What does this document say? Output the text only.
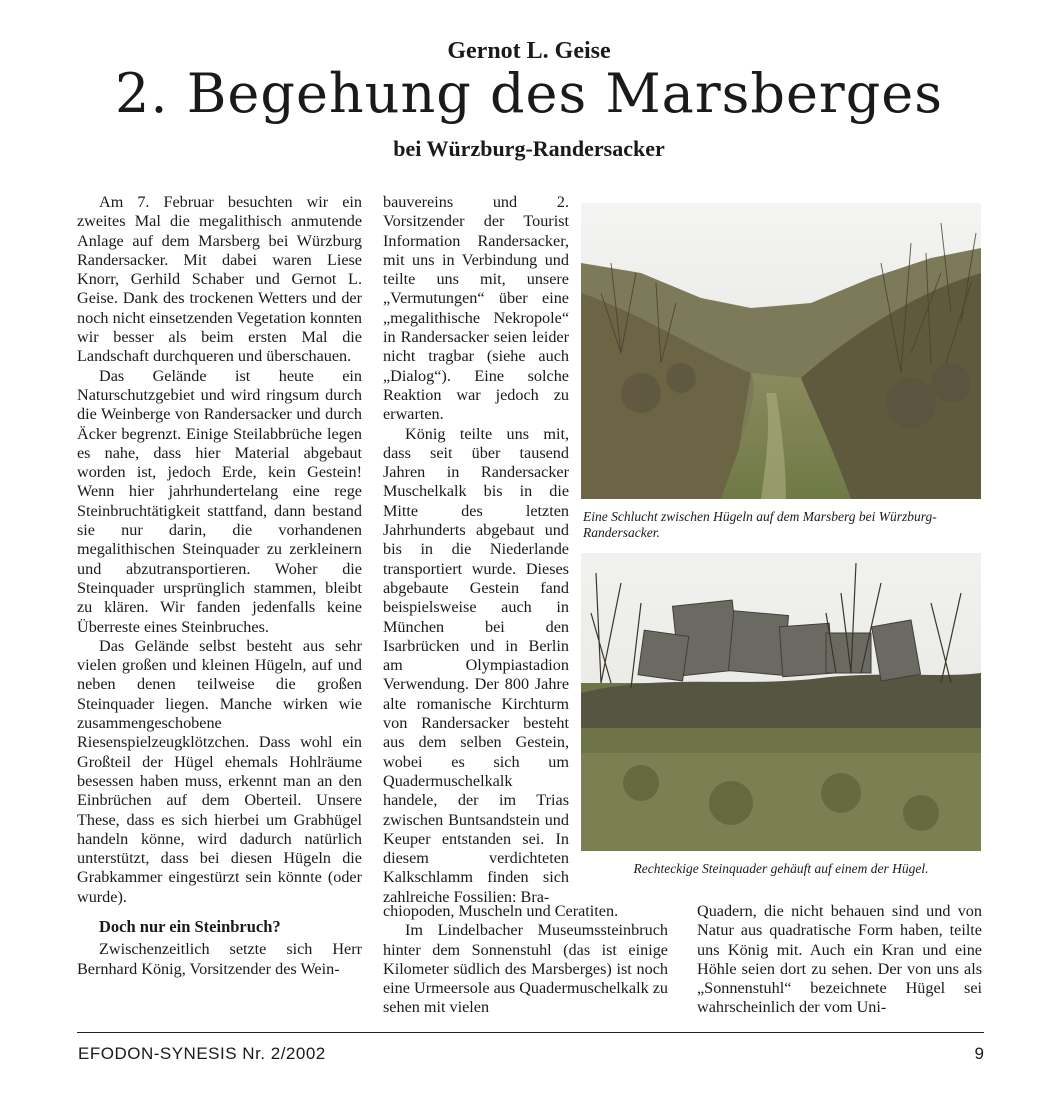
Gernot L. Geise
2. Begehung des Marsberges
bei Würzburg-Randersacker

Am 7. Februar besuchten wir ein zweites Mal die megalithisch anmutende Anlage auf dem Marsberg bei Würzburg Randersacker. Mit dabei waren Liese Knorr, Gerhild Schaber und Gernot L. Geise. Dank des trockenen Wetters und der noch nicht einsetzenden Vegetation konnten wir besser als beim ersten Mal die Landschaft durchqueren und überschauen.

Das Gelände ist heute ein Naturschutzgebiet und wird ringsum durch die Weinberge von Randersacker und durch Äcker begrenzt. Einige Steilabbrüche legen es nahe, dass hier Material abgebaut worden ist, jedoch Erde, kein Gestein! Wenn hier jahrhundertelang eine rege Steinbruchtätigkeit stattfand, dann bestand sie nur darin, die vorhandenen megalithischen Steinquader zu zerkleinern und abzutransportieren. Woher die Steinquader ursprünglich stammen, bleibt zu klären. Wir fanden jedenfalls keine Überreste eines Steinbruches.

Das Gelände selbst besteht aus sehr vielen großen und kleinen Hügeln, auf und neben denen teilweise die großen Steinquader liegen. Manche wirken wie zusammengeschobene Riesenspielzeugklötzchen. Dass wohl ein Großteil der Hügel ehemals Hohlräume besessen haben muss, erkennt man an den Einbrüchen auf dem Oberteil. Unsere These, dass es sich hierbei um Grabhügel handeln könne, wird dadurch natürlich unterstützt, dass bei diesen Hügeln die Grabkammer eingestürzt sein könnte (oder wurde).

Doch nur ein Steinbruch?

Zwischenzeitlich setzte sich Herr Bernhard König, Vorsitzender des Wein-

bauvereins und 2. Vorsitzender der Tourist Information Randersacker, mit uns in Verbindung und teilte uns mit, unsere „Vermutungen“ über eine „megalithische Nekropole“ in Randersacker seien leider nicht tragbar (siehe auch „Dialog“). Eine solche Reaktion war jedoch zu erwarten.

König teilte uns mit, dass seit über tausend Jahren in Randersacker Muschelkalk bis in die Mitte des letzten Jahrhunderts abgebaut und bis in die Niederlande transportiert wurde. Dieses abgebaute Gestein fand beispielsweise auch in München bei den Isarbrücken und in Berlin am Olympiastadion Verwendung. Der 800 Jahre alte romanische Kirchturm von Randersacker besteht aus dem selben Gestein, wobei es sich um Quadermuschelkalk handele, der im Trias zwischen Buntsandstein und Keuper entstanden sei. In diesem verdichteten Kalkschlamm finden sich zahlreiche Fossilien: Bra-

chiopoden, Muscheln und Ceratiten.

Im Lindelbacher Museumssteinbruch hinter dem Sonnenstuhl (das ist einige Kilometer südlich des Marsberges) ist noch eine Urmeersole aus Quadermuschelkalk zu sehen mit vielen

Quadern, die nicht behauen sind und von Natur aus quadratische Form haben, teilte uns König mit. Auch ein Kran und eine Höhle seien dort zu sehen. Der von uns als „Sonnenstuhl“ bezeichnete Hügel sei wahrscheinlich der vom Uni-

Eine Schlucht zwischen Hügeln auf dem Marsberg bei Würzburg-Randersacker.
Rechteckige Steinquader gehäuft auf einem der Hügel.
EFODON-SYNESIS Nr. 2/2002	9
